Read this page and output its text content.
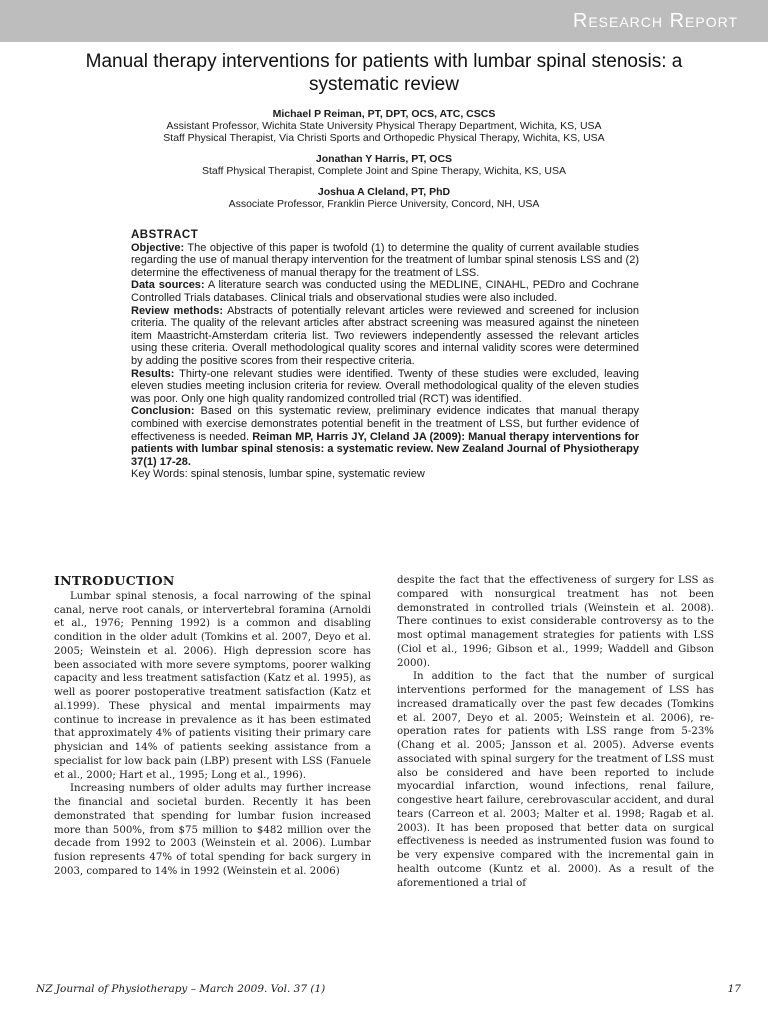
Research Report
Manual therapy interventions for patients with lumbar spinal stenosis: a systematic review
Michael P Reiman, PT, DPT, OCS, ATC, CSCS
Assistant Professor, Wichita State University Physical Therapy Department, Wichita, KS, USA
Staff Physical Therapist, Via Christi Sports and Orthopedic Physical Therapy, Wichita, KS, USA
Jonathan Y Harris, PT, OCS
Staff Physical Therapist, Complete Joint and Spine Therapy, Wichita, KS, USA
Joshua A Cleland, PT, PhD
Associate Professor, Franklin Pierce University, Concord, NH, USA
ABSTRACT

Objective: The objective of this paper is twofold (1) to determine the quality of current available studies regarding the use of manual therapy intervention for the treatment of lumbar spinal stenosis LSS and (2) determine the effectiveness of manual therapy for the treatment of LSS.

Data sources: A literature search was conducted using the MEDLINE, CINAHL, PEDro and Cochrane Controlled Trials databases. Clinical trials and observational studies were also included.

Review methods: Abstracts of potentially relevant articles were reviewed and screened for inclusion criteria. The quality of the relevant articles after abstract screening was measured against the nineteen item Maastricht-Amsterdam criteria list. Two reviewers independently assessed the relevant articles using these criteria. Overall methodological quality scores and internal validity scores were determined by adding the positive scores from their respective criteria.

Results: Thirty-one relevant studies were identified. Twenty of these studies were excluded, leaving eleven studies meeting inclusion criteria for review. Overall methodological quality of the eleven studies was poor. Only one high quality randomized controlled trial (RCT) was identified.

Conclusion: Based on this systematic review, preliminary evidence indicates that manual therapy combined with exercise demonstrates potential benefit in the treatment of LSS, but further evidence of effectiveness is needed. Reiman MP, Harris JY, Cleland JA (2009): Manual therapy interventions for patients with lumbar spinal stenosis: a systematic review. New Zealand Journal of Physiotherapy 37(1) 17-28.

Key Words: spinal stenosis, lumbar spine, systematic review

INTRODUCTION

Lumbar spinal stenosis, a focal narrowing of the spinal canal, nerve root canals, or intervertebral foramina (Arnoldi et al., 1976; Penning 1992) is a common and disabling condition in the older adult (Tomkins et al. 2007, Deyo et al. 2005; Weinstein et al. 2006). High depression score has been associated with more severe symptoms, poorer walking capacity and less treatment satisfaction (Katz et al. 1995), as well as poorer postoperative treatment satisfaction (Katz et al.1999). These physical and mental impairments may continue to increase in prevalence as it has been estimated that approximately 4% of patients visiting their primary care physician and 14% of patients seeking assistance from a specialist for low back pain (LBP) present with LSS (Fanuele et al., 2000; Hart et al., 1995; Long et al., 1996).

Increasing numbers of older adults may further increase the financial and societal burden. Recently it has been demonstrated that spending for lumbar fusion increased more than 500%, from $75 million to $482 million over the decade from 1992 to 2003 (Weinstein et al. 2006). Lumbar fusion represents 47% of total spending for back surgery in 2003, compared to 14% in 1992 (Weinstein et al. 2006)

despite the fact that the effectiveness of surgery for LSS as compared with nonsurgical treatment has not been demonstrated in controlled trials (Weinstein et al. 2008). There continues to exist considerable controversy as to the most optimal management strategies for patients with LSS (Ciol et al., 1996; Gibson et al., 1999; Waddell and Gibson 2000).

In addition to the fact that the number of surgical interventions performed for the management of LSS has increased dramatically over the past few decades (Tomkins et al. 2007, Deyo et al. 2005; Weinstein et al. 2006), re-operation rates for patients with LSS range from 5-23% (Chang et al. 2005; Jansson et al. 2005). Adverse events associated with spinal surgery for the treatment of LSS must also be considered and have been reported to include myocardial infarction, wound infections, renal failure, congestive heart failure, cerebrovascular accident, and dural tears (Carreon et al. 2003; Malter et al. 1998; Ragab et al. 2003). It has been proposed that better data on surgical effectiveness is needed as instrumented fusion was found to be very expensive compared with the incremental gain in health outcome (Kuntz et al. 2000). As a result of the aforementioned a trial of

NZ Journal of Physiotherapy – March 2009. Vol. 37 (1)	17
